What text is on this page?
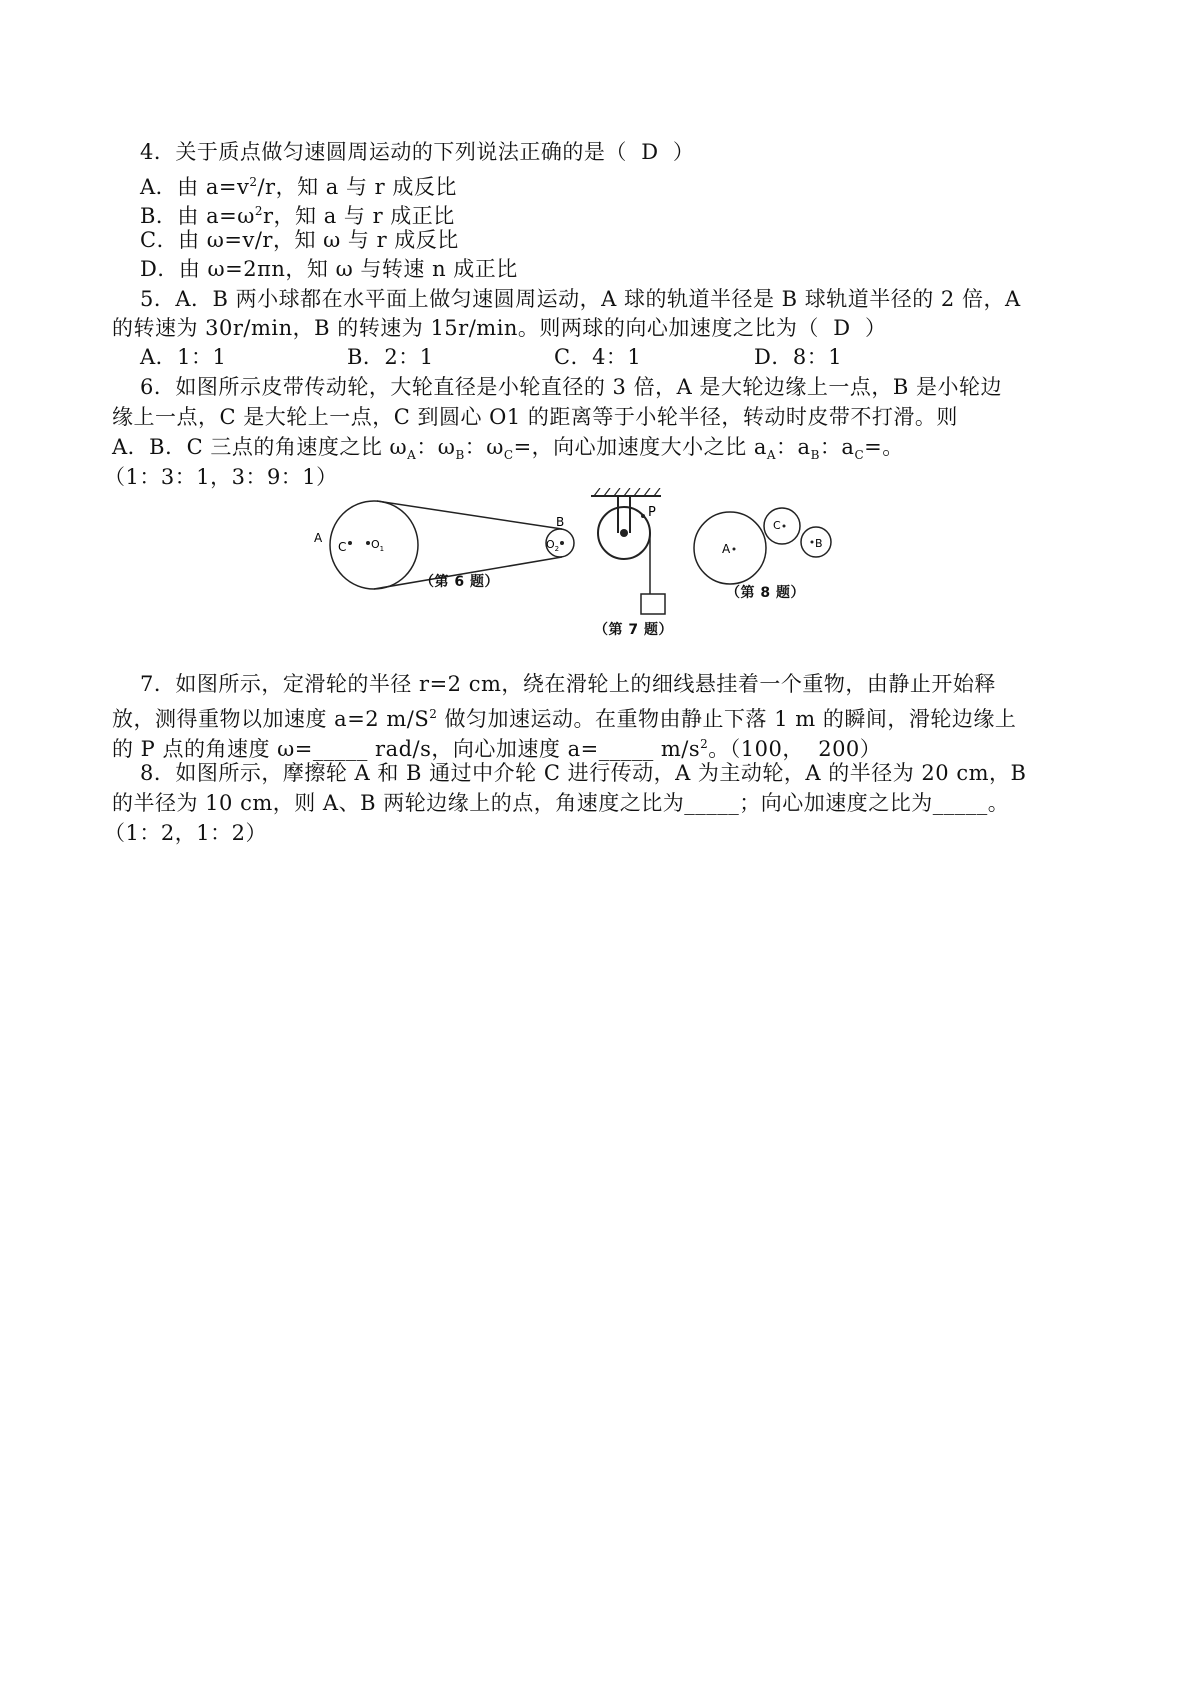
4．关于质点做匀速圆周运动的下列说法正确的是（  D  ）
A．由 $a=v^2/r$，知 a 与 r 成反比
B．由 $a=\omega^2r$，知 a 与 r 成正比
C．由 ω=v/r，知 ω 与 r 成反比
D．由 ω=2πn，知 ω 与转速 n 成正比
5．A．B 两小球都在水平面上做匀速圆周运动，A 球的轨道半径是 B 球轨道半径的 2 倍，A
的转速为 30r/min，B 的转速为 15r/min。则两球的向心加速度之比为（  D  ）
A．1：1	B．2：1	C．4：1	D．8：1
6．如图所示皮带传动轮，大轮直径是小轮直径的 3 倍，A 是大轮边缘上一点，B 是小轮边
缘上一点，C 是大轮上一点，C 到圆心 O1 的距离等于小轮半径，转动时皮带不打滑。则
A．B．C 三点的角速度之比 $\omega_A$：$\omega_B$：$\omega_C=$，向心加速度大小之比 $a_A$：$a_B$：$a_C=$。
（1：3：1，3：9：1）
A
C $O_1$
B
$O_2$
（第 6 题）
P
（第 7 题）
A
C
B
（第 8 题）
7．如图所示，定滑轮的半径 r=2 cm，绕在滑轮上的细线悬挂着一个重物，由静止开始释
放，测得重物以加速度 a=2 $m/S^2$ 做匀加速运动。在重物由静止下落 1 m 的瞬间，滑轮边缘上
的 P 点的角速度 ω=_____ rad/s，向心加速度 a=_____ $m/s^2$。（100，  200）
8．如图所示，摩擦轮 A 和 B 通过中介轮 C 进行传动，A 为主动轮，A 的半径为 20 cm，B
的半径为 10 cm，则 A、B 两轮边缘上的点，角速度之比为_____；向心加速度之比为_____。
（1：2，1：2）
